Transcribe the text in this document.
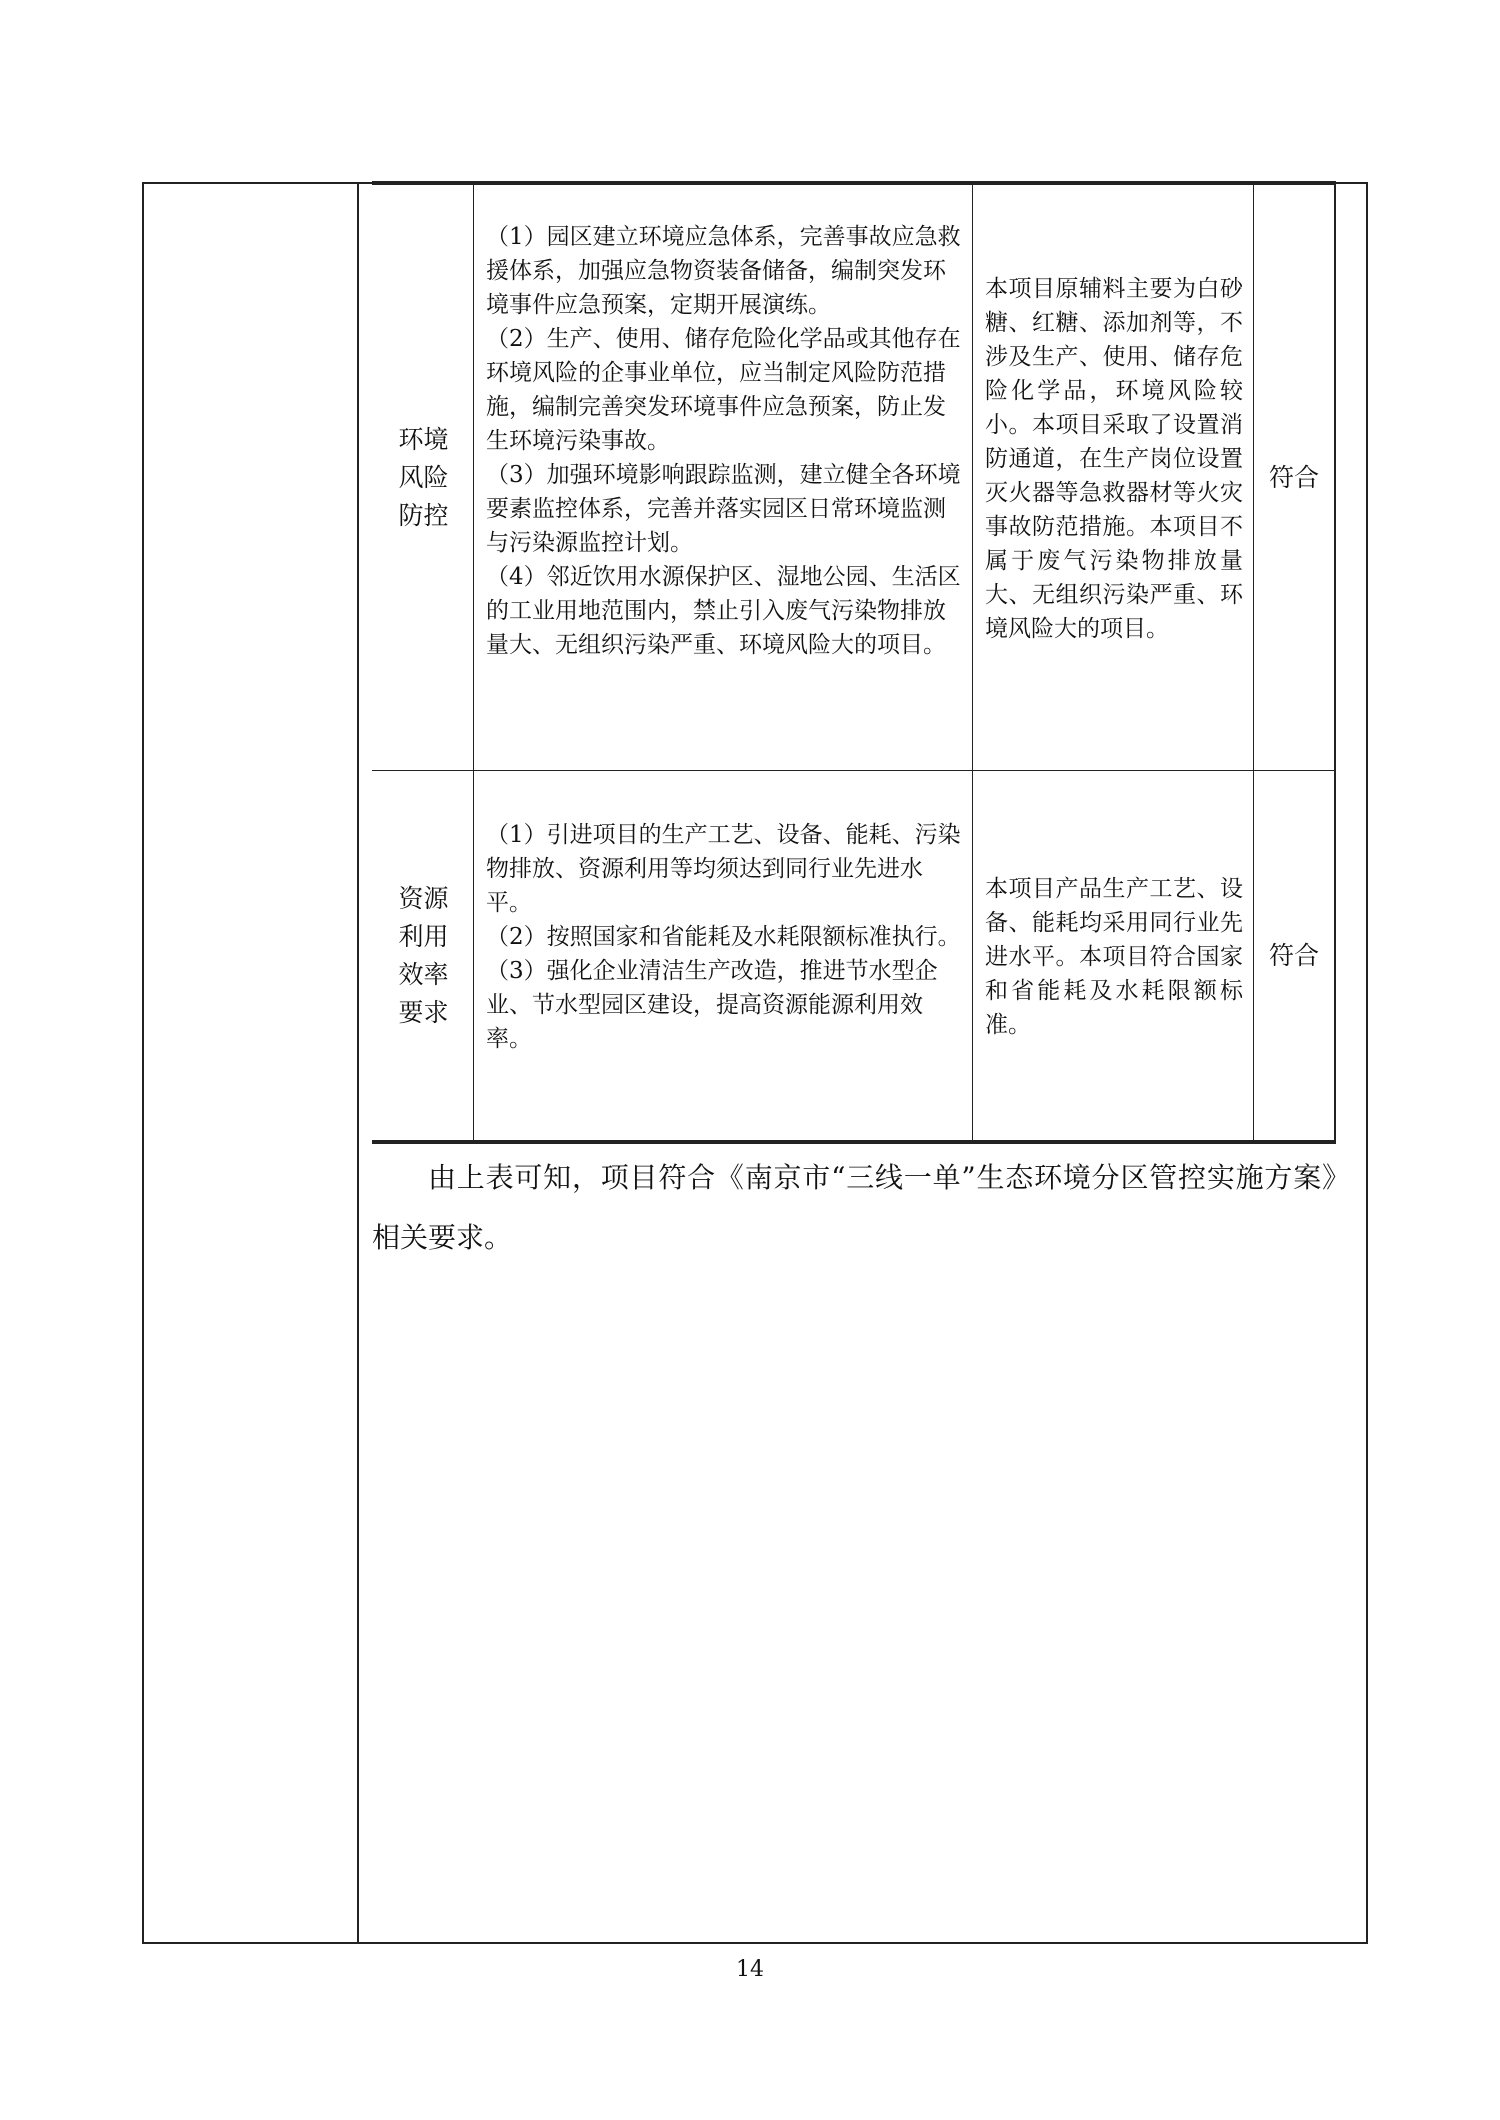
环境风险防控

（1）园区建立环境应急体系，完善事故应急救援体系，加强应急物资装备储备，编制突发环境事件应急预案，定期开展演练。

（2）生产、使用、储存危险化学品或其他存在环境风险的企事业单位，应当制定风险防范措施，编制完善突发环境事件应急预案，防止发生环境污染事故。

（3）加强环境影响跟踪监测，建立健全各环境要素监控体系，完善并落实园区日常环境监测与污染源监控计划。

（4）邻近饮用水源保护区、湿地公园、生活区的工业用地范围内，禁止引入废气污染物排放量大、无组织污染严重、环境风险大的项目。

本项目原辅料主要为白砂糖、红糖、添加剂等，不涉及生产、使用、储存危险化学品，环境风险较小。本项目采取了设置消防通道，在生产岗位设置灭火器等急救器材等火灾事故防范措施。本项目不属于废气污染物排放量大、无组织污染严重、环境风险大的项目。
符合
资源利用效率要求

（1）引进项目的生产工艺、设备、能耗、污染物排放、资源利用等均须达到同行业先进水平。

（2）按照国家和省能耗及水耗限额标准执行。

（3）强化企业清洁生产改造，推进节水型企业、节水型园区建设，提高资源能源利用效率。

本项目产品生产工艺、设备、能耗均采用同行业先进水平。本项目符合国家和省能耗及水耗限额标准。
符合
由上表可知，项目符合《南京市“三线一单”生态环境分区管控实施方案》相关要求。
14
